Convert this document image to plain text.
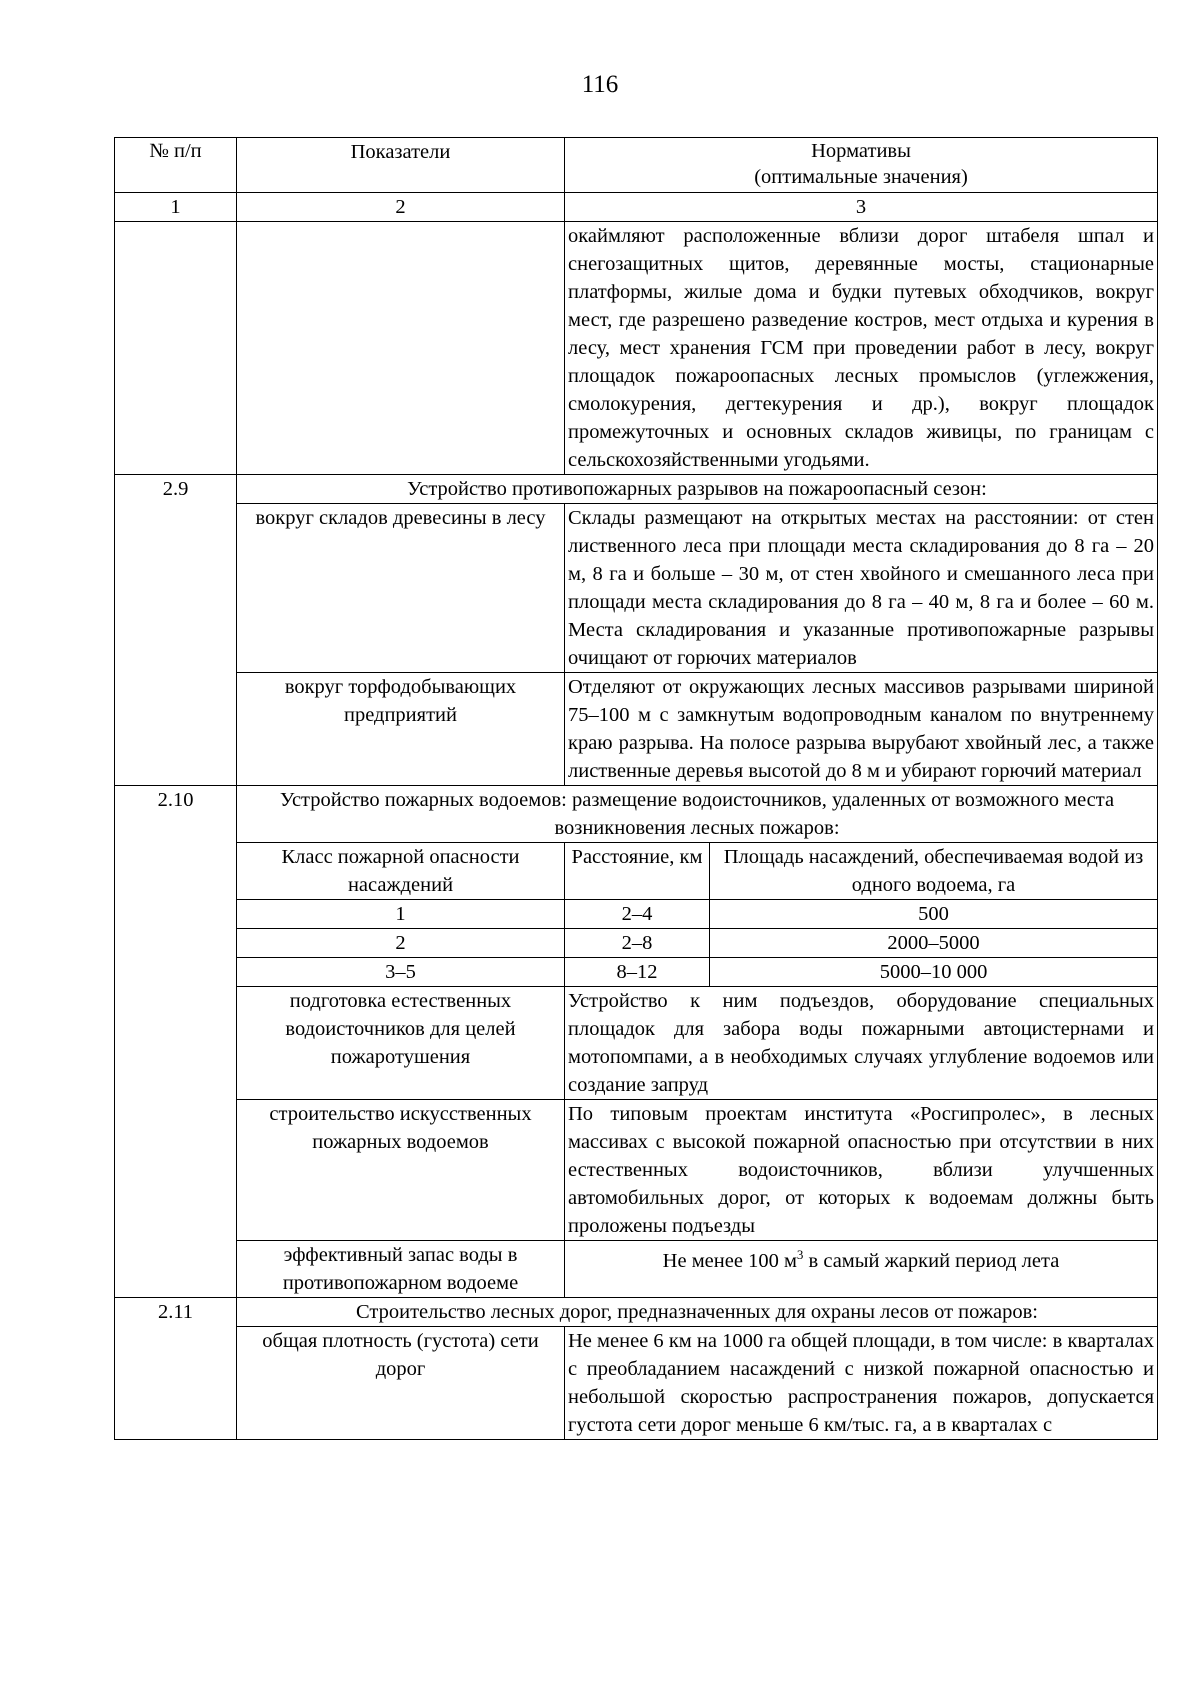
116
№ п/п	Показатели	Нормативы
(оптимальные значения)	

1	2	3	
		окаймляют расположенные вблизи дорог штабеля шпал и снегозащитных щитов, деревянные мосты, стационарные платформы, жилые дома и будки путевых обходчиков, вокруг мест, где разрешено разведение костров, мест отдыха и курения в лесу, мест хранения ГСМ при проведении работ в лесу, вокруг площадок пожароопасных лесных промыслов (углежжения, смолокурения, дегтекурения и др.), вокруг площадок промежуточных и основных складов живицы, по границам с сельскохозяйственными угодьями.	
2.9	Устройство противопожарных разрывов на пожароопасный сезон:		
	вокруг складов древесины в лесу	Склады размещают на открытых местах на расстоянии: от стен лиственного леса при площади места складирования до 8 га – 20 м, 8 га и больше – 30 м, от стен хвойного и смешанного леса при площади места складирования до 8 га – 40 м, 8 га и более – 60 м. Места складирования и указанные противопожарные разрывы очищают от горючих материалов	
	вокруг торфодобывающих предприятий	Отделяют от окружающих лесных массивов разрывами шириной 75–100 м с замкнутым водопроводным каналом по внутреннему краю разрыва. На полосе разрыва вырубают хвойный лес, а также лиственные деревья высотой до 8 м и убирают горючий материал	
2.10	Устройство пожарных водоемов: размещение водоисточников, удаленных от возможного места возникновения лесных пожаров:		
	Класс пожарной опасности насаждений	Расстояние, км	Площадь насаждений, обеспечиваемая водой из одного водоема, га
	1	2–4	500
	2	2–8	2000–5000
	3–5	8–12	5000–10 000
	подготовка естественных водоисточников для целей пожаротушения	Устройство к ним подъездов, оборудование специальных площадок для забора воды пожарными автоцистернами и мотопомпами, а в необходимых случаях углубление водоемов или создание запруд	
	строительство искусственных пожарных водоемов	По типовым проектам института «Росгипролес», в лесных массивах с высокой пожарной опасностью при отсутствии в них естественных водоисточников, вблизи улучшенных автомобильных дорог, от которых к водоемам должны быть проложены подъезды	
	эффективный запас воды в противопожарном водоеме	Не менее 100 $м^3$ в самый жаркий период лета	
2.11	Строительство лесных дорог, предназначенных для охраны лесов от пожаров:		
	общая плотность (густота) сети дорог	Не менее 6 км на 1000 га общей площади, в том числе: в кварталах с преобладанием насаждений с низкой пожарной опасностью и небольшой скоростью распространения пожаров, допускается густота сети дорог меньше 6 км/тыс. га, а в кварталах с	
